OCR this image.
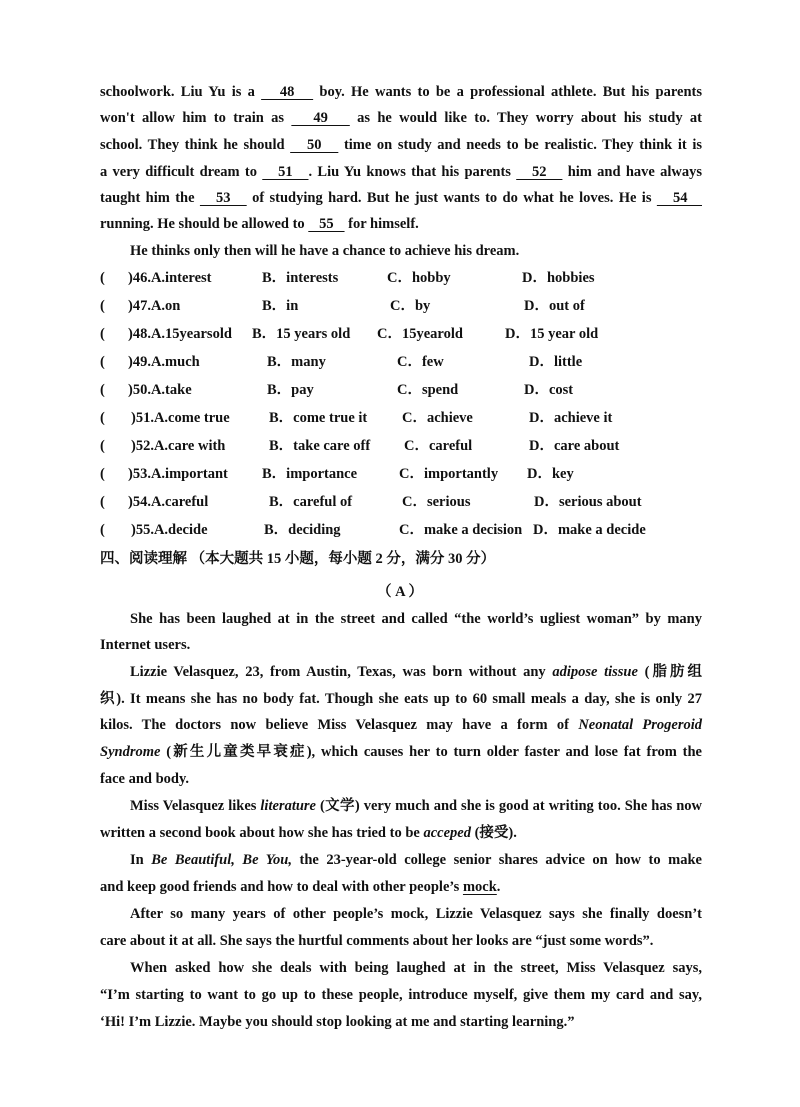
schoolwork. Liu Yu is a    48    boy. He wants to be a professional athlete. But his parents
won't allow him to train as    49    as he would like to. They worry about his study at
school. They think he should    50    time on study and needs to be realistic. They think it is
a very difficult dream to    51   . Liu Yu knows that his parents    52    him and have always
taught him the    53    of studying hard. But he just wants to do what he loves. He is    54
running. He should be allowed to    55    for himself.
He thinks only then will he have a chance to achieve his dream.
( )46.A.interest	B．interests	C．hobby	D．hobbies
( )47.A.on	B．in	C．by	D．out of
( )48.A.15yearsold B．15 years old C．15yearold	D．15 year old
( )49.A.much	B．many	C．few	D．little
( )50.A.take	B．pay	C．spend	D．cost
( )51.A.come true	B．come true it C．achieve	D．achieve it
( )52.A.care with	B．take care off C．careful	D．care about
( )53.A.important B．importance	C．importantly D．key
( )54.A.careful	B．careful of	C．serious	D．serious about
( )55.A.decide	B．deciding	C．make a decision D．make a decide
四、阅读理解 （本大题共 15 小题，每小题 2 分，满分 30 分）
（ A ）
She has been laughed at in the street and called “the world’s ugliest woman” by many
Internet users.
Lizzie Velasquez, 23, from Austin, Texas, was born without any adipose tissue (脂肪组
织). It means she has no body fat. Though she eats up to 60 small meals a day, she is only 27
kilos. The doctors now believe Miss Velasquez may have a form of Neonatal Progeroid
Syndrome (新生儿童类早衰症), which causes her to turn older faster and lose fat from the
face and body.
Miss Velasquez likes literature (文学) very much and she is good at writing too. She has now
written a second book about how she has tried to be acceped (接受).
In Be Beautiful, Be You, the 23-year-old college senior shares advice on how to make
and keep good friends and how to deal with other people’s mock.
After so many years of other people’s mock, Lizzie Velasquez says she finally doesn’t
care about it at all. She says the hurtful comments about her looks are “just some words”.
When asked how she deals with being laughed at in the street, Miss Velasquez says,
“I’m starting to want to go up to these people, introduce myself, give them my card and say,
‘Hi! I’m Lizzie. Maybe you should stop looking at me and starting learning.”
